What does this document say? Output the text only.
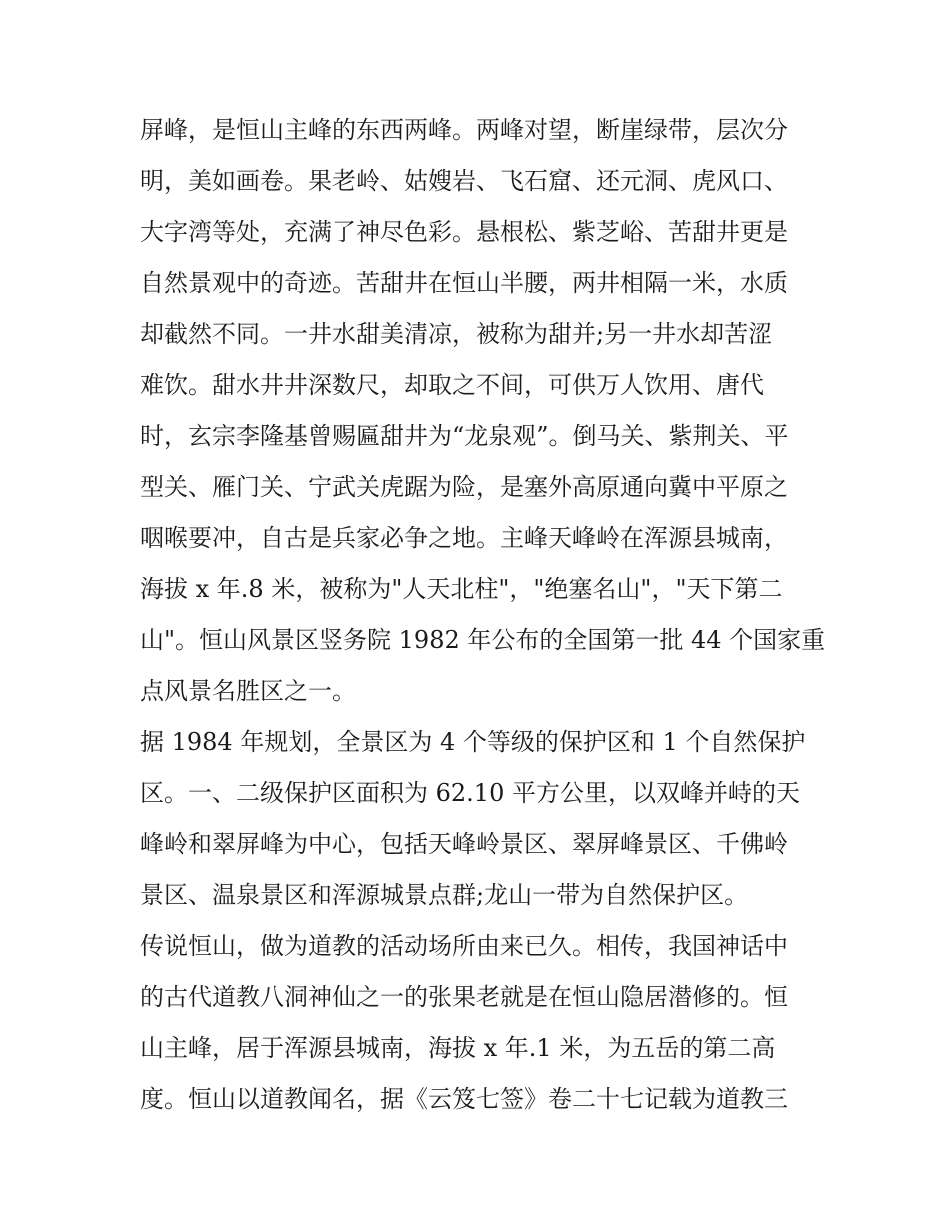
屏峰，是恒山主峰的东西两峰。两峰对望，断崖绿带，层次分
明，美如画卷。果老岭、姑嫂岩、飞石窟、还元洞、虎风口、
大字湾等处，充满了神尽色彩。悬根松、紫芝峪、苦甜井更是
自然景观中的奇迹。苦甜井在恒山半腰，两井相隔一米，水质
却截然不同。一井水甜美清凉，被称为甜并;另一井水却苦涩
难饮。甜水井井深数尺，却取之不间，可供万人饮用、唐代
时，玄宗李隆基曾赐匾甜井为“龙泉观”。倒马关、紫荆关、平
型关、雁门关、宁武关虎踞为险，是塞外高原通向冀中平原之
咽喉要冲，自古是兵家必争之地。主峰天峰岭在浑源县城南，
海拔 x 年.8 米，被称为"人天北柱"，"绝塞名山"，"天下第二
山"。恒山风景区竖务院 1982 年公布的全国第一批 44 个国家重
点风景名胜区之一。
据 1984 年规划，全景区为 4 个等级的保护区和 1 个自然保护
区。一、二级保护区面积为 62.10 平方公里，以双峰并峙的天
峰岭和翠屏峰为中心，包括天峰岭景区、翠屏峰景区、千佛岭
景区、温泉景区和浑源城景点群;龙山一带为自然保护区。
传说恒山，做为道教的活动场所由来已久。相传，我国神话中
的古代道教八洞神仙之一的张果老就是在恒山隐居潜修的。恒
山主峰，居于浑源县城南，海拔 x 年.1 米，为五岳的第二高
度。恒山以道教闻名，据《云笈七签》卷二十七记载为道教三
